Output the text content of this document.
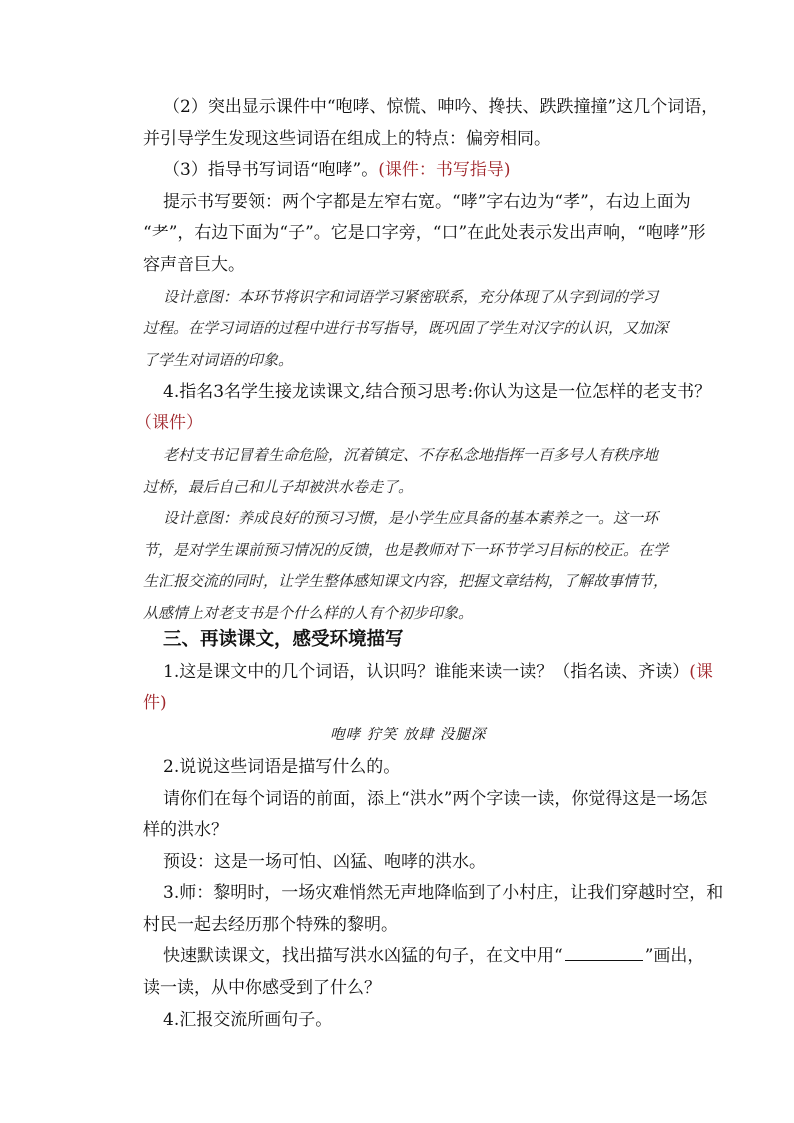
（2）突出显示课件中“咆哮、惊慌、呻吟、搀扶、跌跌撞撞”这几个词语，
并引导学生发现这些词语在组成上的特点：偏旁相同。
（3）指导书写词语“咆哮”。(课件：书写指导)
提示书写要领：两个字都是左窄右宽。“哮”字右边为“孝”，右边上面为
“耂”，右边下面为“子”。它是口字旁，“口”在此处表示发出声响，“咆哮”形
容声音巨大。
设计意图：本环节将识字和词语学习紧密联系，充分体现了从字到词的学习
过程。在学习词语的过程中进行书写指导，既巩固了学生对汉字的认识，又加深
了学生对词语的印象。
4.指名3名学生接龙读课文,结合预习思考:你认为这是一位怎样的老支书？
（课件）
老村支书记冒着生命危险，沉着镇定、不存私念地指挥一百多号人有秩序地
过桥，最后自己和儿子却被洪水卷走了。
设计意图：养成良好的预习习惯，是小学生应具备的基本素养之一。这一环
节，是对学生课前预习情况的反馈，也是教师对下一环节学习目标的校正。在学
生汇报交流的同时，让学生整体感知课文内容，把握文章结构，了解故事情节，
从感情上对老支书是个什么样的人有个初步印象。
三、再读课文，感受环境描写
1.这是课文中的几个词语，认识吗？谁能来读一读？（指名读、齐读）(课
件)
咆哮 狞笑 放肆 没腿深
2.说说这些词语是描写什么的。
请你们在每个词语的前面，添上“洪水”两个字读一读，你觉得这是一场怎
样的洪水？
预设：这是一场可怕、凶猛、咆哮的洪水。
3.师：黎明时，一场灾难悄然无声地降临到了小村庄，让我们穿越时空，和
村民一起去经历那个特殊的黎明。
快速默读课文，找出描写洪水凶猛的句子，在文中用“	”画出，
读一读，从中你感受到了什么？
4.汇报交流所画句子。
